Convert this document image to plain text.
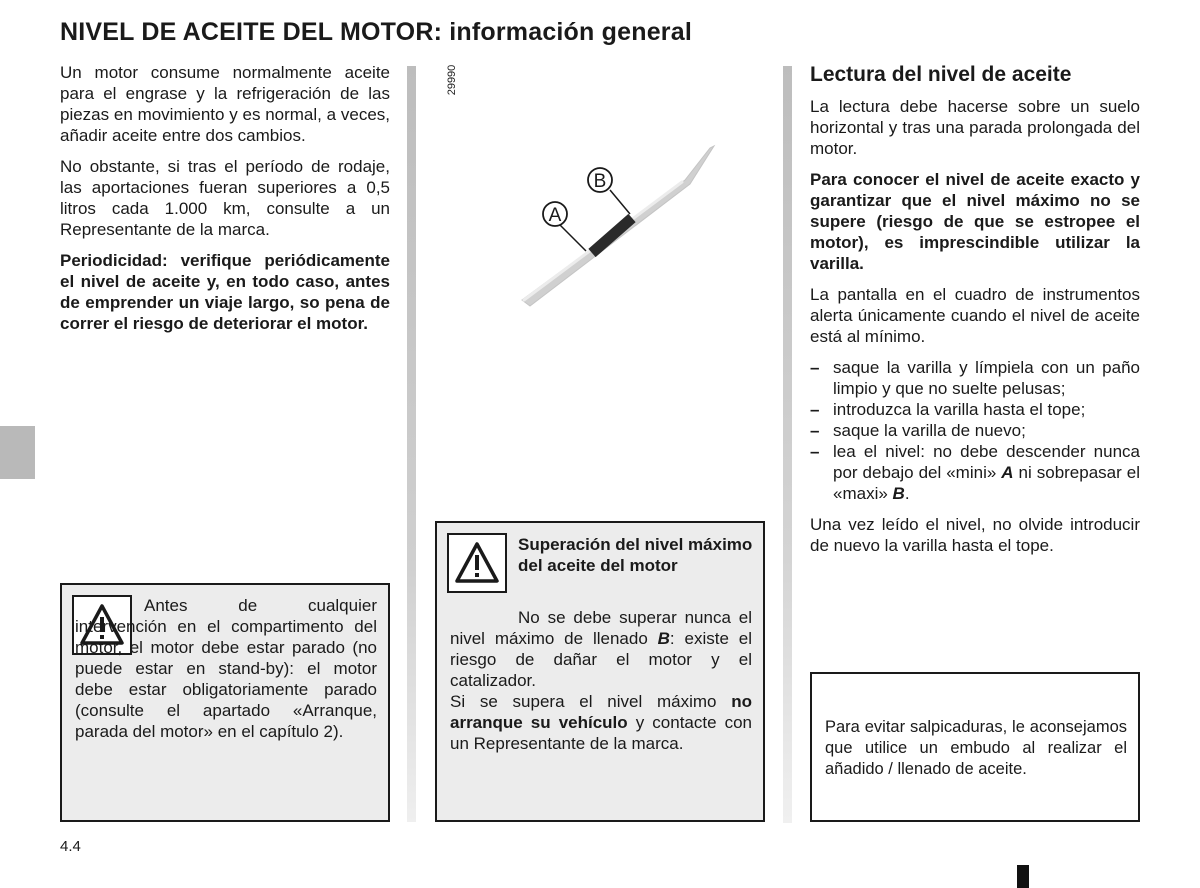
NIVEL DE ACEITE DEL MOTOR: información general

Un motor consume normalmente aceite para el engrase y la refrigeración de las piezas en movimiento y es normal, a veces, añadir aceite entre dos cambios.

No obstante, si tras el período de rodaje, las aportaciones fueran superiores a 0,5 litros cada 1.000 km, consulte a un Representante de la marca.

Periodicidad: verifique periódicamente el nivel de aceite y, en todo caso, antes de emprender un viaje largo, so pena de correr el riesgo de deteriorar el motor.

Antes de cualquier intervención en el compartimento del motor, el motor debe estar parado (no puede estar en stand-by): el motor debe estar obligatoriamente parado (consulte el apartado «Arranque, parada del motor» en el capítulo 2).
29990
A
B
Superación del nivel máximo del aceite del motor
No se debe superar nunca el nivel máximo de llenado B: existe el riesgo de dañar el motor y el catalizador.
Si se supera el nivel máximo no arranque su vehículo y contacte con un Representante de la marca.
Lectura del nivel de aceite

La lectura debe hacerse sobre un suelo horizontal y tras una parada prolongada del motor.

Para conocer el nivel de aceite exacto y garantizar que el nivel máximo no se supere (riesgo de que se estropee el motor), es imprescindible utilizar la varilla.

La pantalla en el cuadro de instrumentos alerta únicamente cuando el nivel de aceite está al mínimo.

– saque la varilla y límpiela con un paño limpio y que no suelte pelusas;
– introduzca la varilla hasta el tope;
– saque la varilla de nuevo;
– lea el nivel: no debe descender nunca por debajo del «mini» A ni sobrepasar el «maxi» B.

Una vez leído el nivel, no olvide introducir de nuevo la varilla hasta el tope.

Para evitar salpicaduras, le aconsejamos que utilice un embudo al realizar el añadido / llenado de aceite.
4.4
